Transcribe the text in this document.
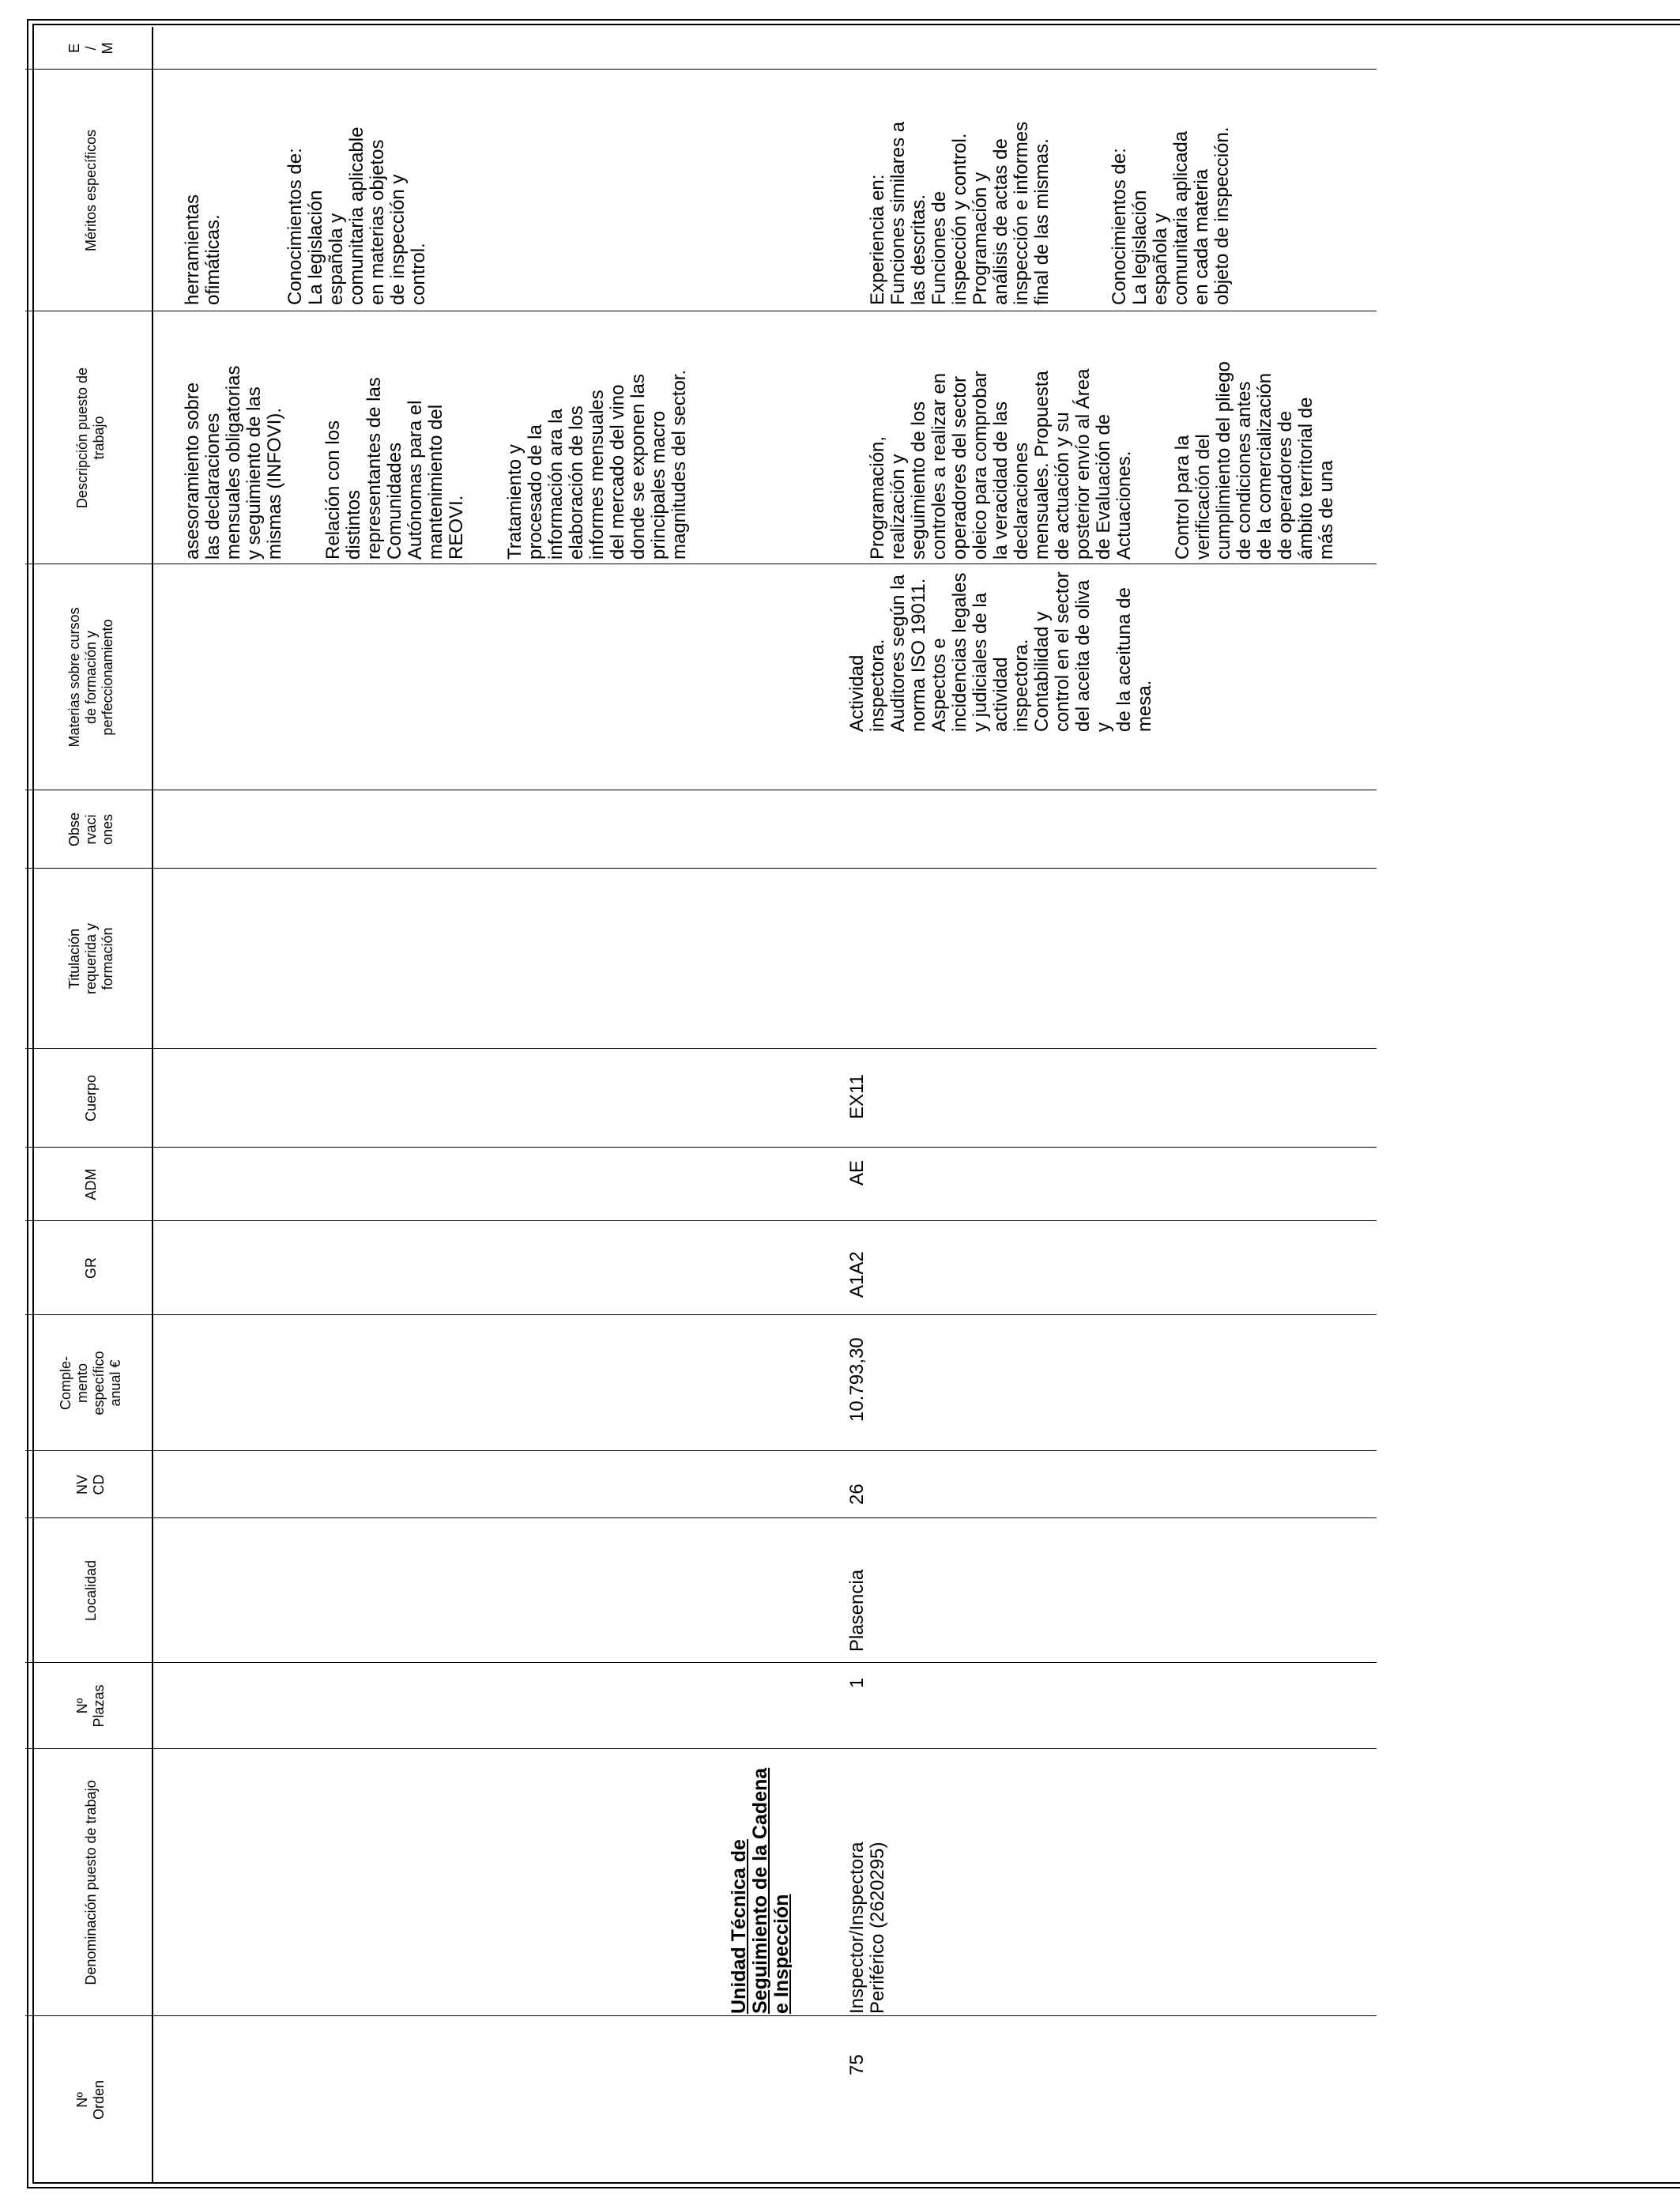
Nº
Orden
Denominación puesto de trabajo
Nº
Plazas
Localidad
NV
CD
Comple-
mento
específico
anual €
GR
ADM
Cuerpo
Titulación
requerida y
formación
Obse
rvaci
ones
Materias sobre cursos
de formación y
perfeccionamiento
Descripción puesto de
trabajo
Méritos específicos
E
/
M

asesoramiento sobre
las declaraciones
mensuales obligatorias
y seguimiento de las
mismas (INFOVI).

Relación con los
distintos
representantes de las
Comunidades
Autónomas para el
mantenimiento del
REOVI. Tratamiento y
procesado de la
información ara la
elaboración de los
informes mensuales
del mercado del vino
donde se exponen las
principales macro
magnitudes del sector.

herramientas
ofimáticas.	Conocimientos de:
La legislación
española y
comunitaria aplicable
en materias objetos
de inspección y
control.

Unidad Técnica de
Seguimiento de la Cadena
e Inspección
75
Inspector/Inspectora
Periférico (2620295)
1
Plasencia
26
10.793,30
A1A2
AE
EX11
Actividad
inspectora.
Auditores según la
norma ISO 19011.
Aspectos e
incidencias legales
y judiciales de la
actividad
inspectora.
Contabilidad y
control en el sector
del aceita de oliva y
de la aceituna de
mesa.

Programación,
realización y
seguimiento de los
controles a realizar en
operadores del sector
oleico para comprobar
la veracidad de las
declaraciones
mensuales. Propuesta
de actuación y su
posterior envío al Área
de Evaluación de
Actuaciones. Control para la
verificación del
cumplimiento del pliego
de condiciones antes
de la comercialización
de operadores de
ámbito territorial de
más de una

Experiencia en:
Funciones similares a
las descritas.
Funciones de
inspección y control.
Programación y
análisis de actas de
inspección e informes
final de las mismas.

Conocimientos de:
La legislación
española y
comunitaria aplicada
en cada materia
objeto de inspección.
